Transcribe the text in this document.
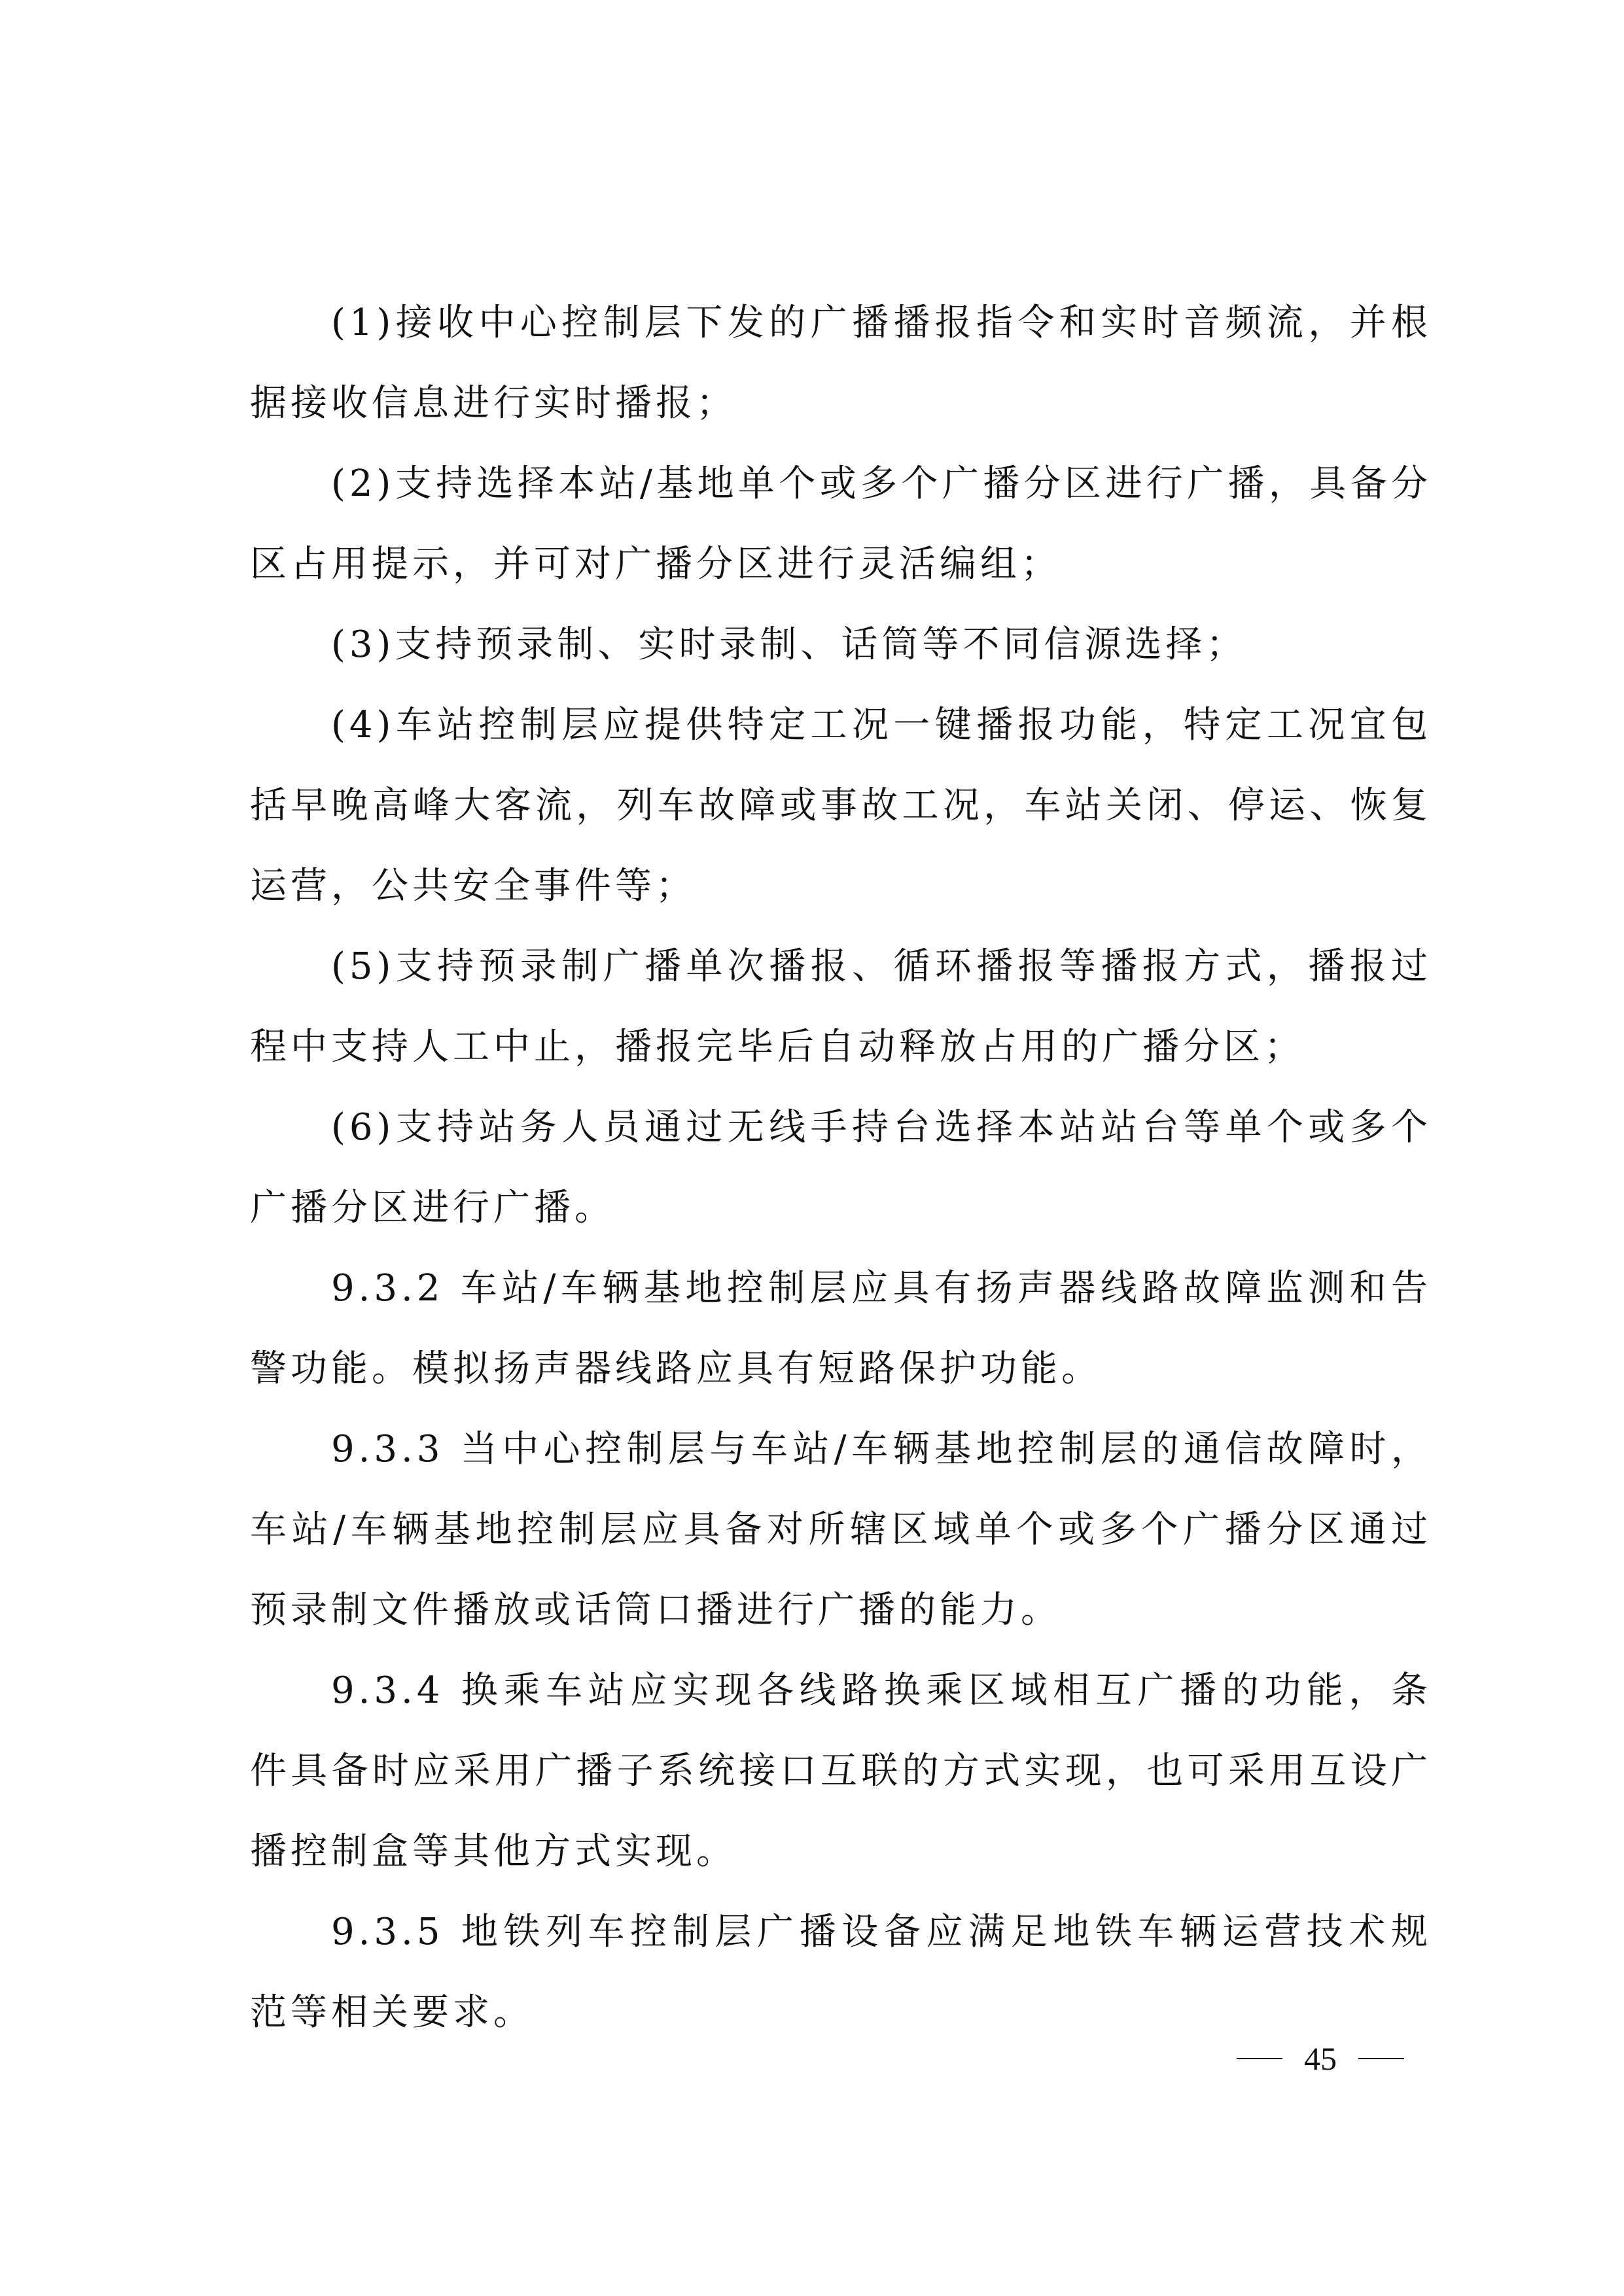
(1)接收中心控制层下发的广播播报指令和实时音频流，并根据接收信息进行实时播报；

(2)支持选择本站/基地单个或多个广播分区进行广播，具备分区占用提示，并可对广播分区进行灵活编组；

(3)支持预录制、实时录制、话筒等不同信源选择；

(4)车站控制层应提供特定工况一键播报功能，特定工况宜包括早晚高峰大客流，列车故障或事故工况，车站关闭、停运、恢复运营，公共安全事件等；

(5)支持预录制广播单次播报、循环播报等播报方式，播报过程中支持人工中止，播报完毕后自动释放占用的广播分区；

(6)支持站务人员通过无线手持台选择本站站台等单个或多个广播分区进行广播。

9.3.2 车站/车辆基地控制层应具有扬声器线路故障监测和告警功能。模拟扬声器线路应具有短路保护功能。

9.3.3 当中心控制层与车站/车辆基地控制层的通信故障时，车站/车辆基地控制层应具备对所辖区域单个或多个广播分区通过预录制文件播放或话筒口播进行广播的能力。

9.3.4 换乘车站应实现各线路换乘区域相互广播的功能，条件具备时应采用广播子系统接口互联的方式实现，也可采用互设广播控制盒等其他方式实现。

9.3.5 地铁列车控制层广播设备应满足地铁车辆运营技术规范等相关要求。

45
